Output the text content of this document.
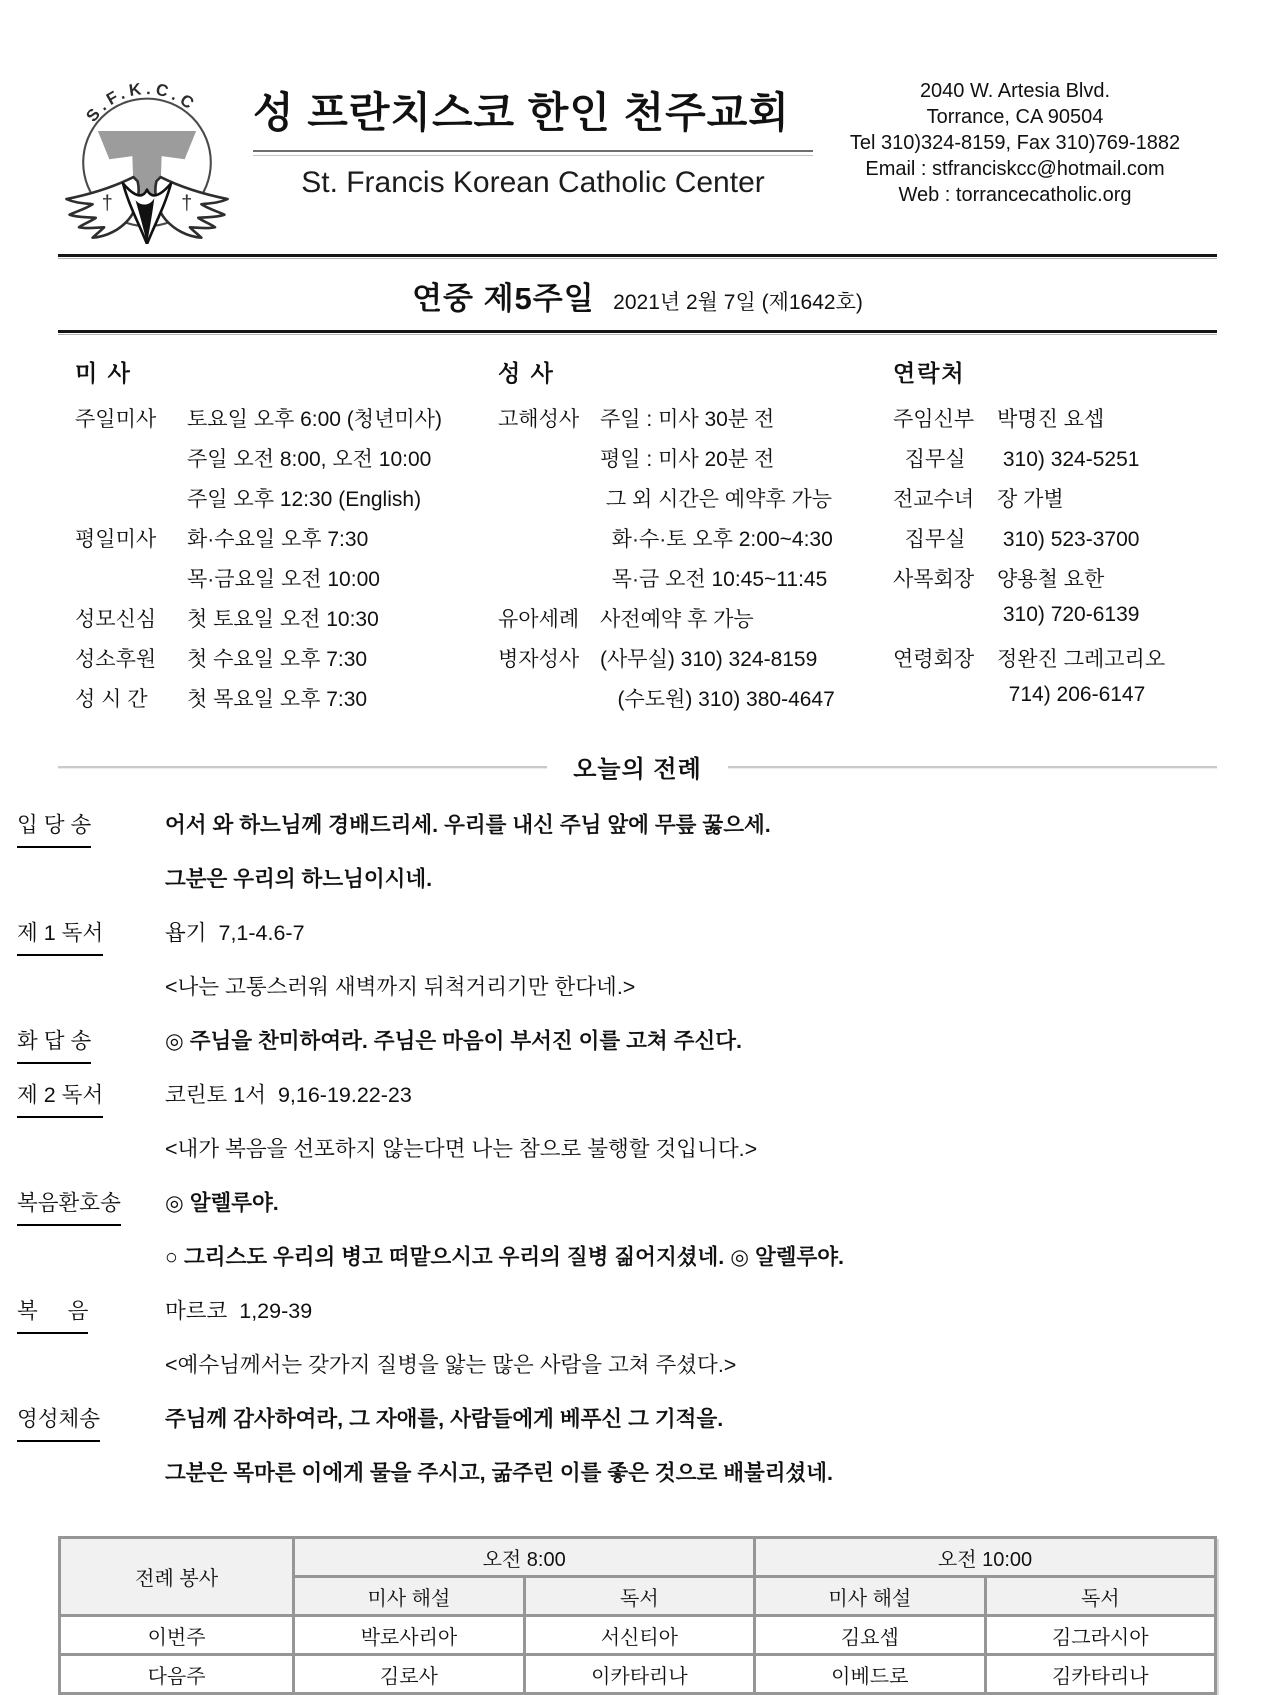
S.F.K.C.C
†	†
성 프란치스코 한인 천주교회
St. Francis Korean Catholic Center
2040 W. Artesia Blvd.
Torrance, CA 90504
Tel 310)324-8159, Fax 310)769-1882
Email : stfranciskcc@hotmail.com
Web : torrancecatholic.org
연중 제5주일 2021년 2월 7일 (제1642호)
미 사
주일미사	토요일 오후 6:00 (청년미사)
주일 오전 8:00, 오전 10:00
주일 오후 12:30 (English)
평일미사	화·수요일 오후 7:30
목·금요일 오전 10:00
성모신심	첫 토요일 오전 10:30
성소후원	첫 수요일 오후 7:30
성 시 간	첫 목요일 오후 7:30
성 사
고해성사 주일 : 미사 30분 전
평일 : 미사 20분 전
그 외 시간은 예약후 가능
화·수·토 오후 2:00~4:30
목·금 오전 10:45~11:45
유아세례 사전예약 후 가능
병자성사 (사무실) 310) 324-8159
(수도원) 310) 380-4647
연락처
주임신부	박명진 요셉
집무실	310) 324-5251
전교수녀	장 가별
집무실	310) 523-3700
사목회장	양용철 요한
310) 720-6139
연령회장	정완진 그레고리오
714) 206-6147
오늘의 전례
입 당 송	어서 와 하느님께 경배드리세. 우리를 내신 주님 앞에 무릎 꿇으세.
그분은 우리의 하느님이시네.
제 1 독서	욥기  7,1-4.6-7
<나는 고통스러워 새벽까지 뒤척거리기만 한다네.>
화 답 송	◎ 주님을 찬미하여라. 주님은 마음이 부서진 이를 고쳐 주신다.
제 2 독서	코린토 1서  9,16-19.22-23
<내가 복음을 선포하지 않는다면 나는 참으로 불행할 것입니다.>
복음환호송	◎ 알렐루야.
○ 그리스도 우리의 병고 떠맡으시고 우리의 질병 짊어지셨네. ◎ 알렐루야.
복     음	마르코  1,29-39
<예수님께서는 갖가지 질병을 앓는 많은 사람을 고쳐 주셨다.>
영성체송	주님께 감사하여라, 그 자애를, 사람들에게 베푸신 그 기적을.
그분은 목마른 이에게 물을 주시고, 굶주린 이를 좋은 것으로 배불리셨네.
전례 봉사	오전 8:00		오전 10:00	
	미사 해설	독서	미사 해설	독서
이번주	박로사리아	서신티아	김요셉	김그라시아
다음주	김로사	이카타리나	이베드로	김카타리나
